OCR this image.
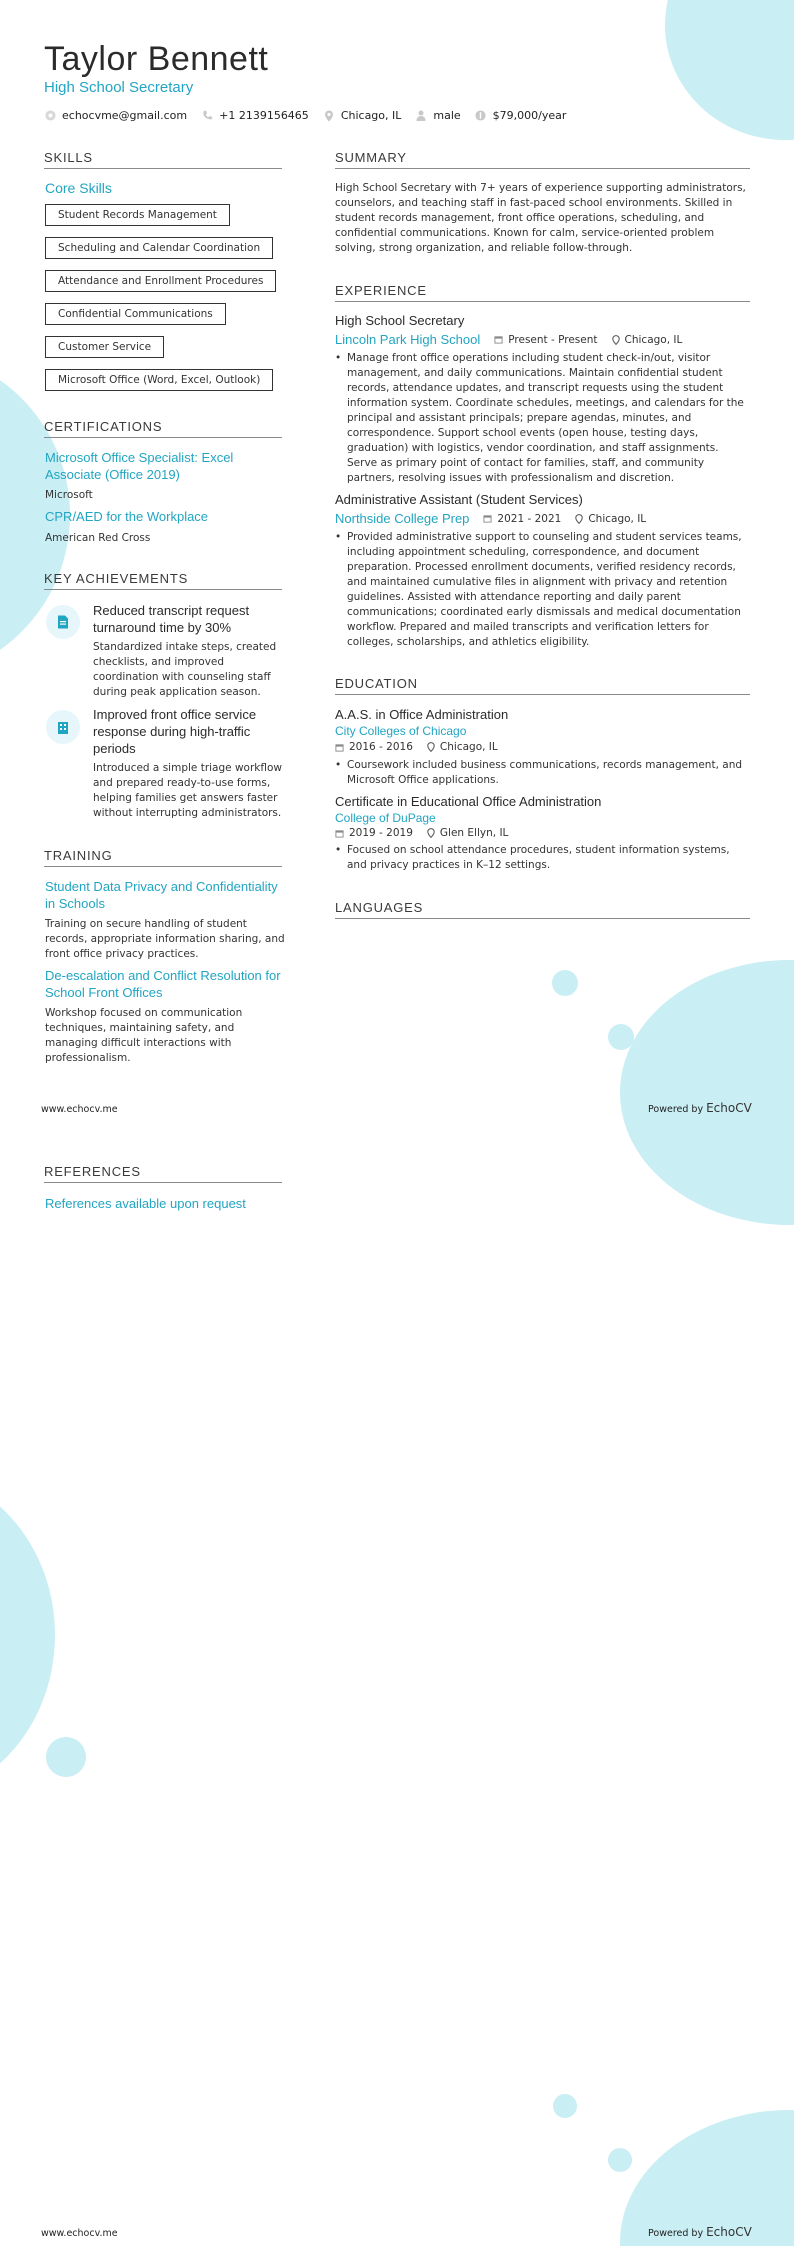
Taylor Bennett
High School Secretary
echocvme@gmail.com	+1 2139156465	Chicago, IL	male	$79,000/year
SKILLS
Core Skills
Student Records Management
Scheduling and Calendar Coordination
Attendance and Enrollment Procedures
Confidential Communications
Customer Service
Microsoft Office (Word, Excel, Outlook)
CERTIFICATIONS
Microsoft Office Specialist: Excel Associate (Office 2019)
Microsoft
CPR/AED for the Workplace
American Red Cross
KEY ACHIEVEMENTS
Reduced transcript request turnaround time by 30%
Standardized intake steps, created checklists, and improved coordination with counseling staff during peak application season.
Improved front office service response during high-traffic periods
Introduced a simple triage workflow and prepared ready-to-use forms, helping families get answers faster without interrupting administrators.
TRAINING
Student Data Privacy and Confidentiality in Schools
Training on secure handling of student records, appropriate information sharing, and front office privacy practices.
De-escalation and Conflict Resolution for School Front Offices
Workshop focused on communication techniques, maintaining safety, and managing difficult interactions with professionalism.
www.echocv.me
REFERENCES
References available upon request
SUMMARY
High School Secretary with 7+ years of experience supporting administrators, counselors, and teaching staff in fast-paced school environments. Skilled in student records management, front office operations, scheduling, and confidential communications. Known for calm, service-oriented problem solving, strong organization, and reliable follow-through.
EXPERIENCE
High School Secretary
Lincoln Park High School	Present - Present	Chicago, IL
• Manage front office operations including student check-in/out, visitor management, and daily communications. Maintain confidential student records, attendance updates, and transcript requests using the student information system. Coordinate schedules, meetings, and calendars for the principal and assistant principals; prepare agendas, minutes, and correspondence. Support school events (open house, testing days, graduation) with logistics, vendor coordination, and staff assignments. Serve as primary point of contact for families, staff, and community partners, resolving issues with professionalism and discretion.
Administrative Assistant (Student Services)
Northside College Prep	2021 - 2021	Chicago, IL
• Provided administrative support to counseling and student services teams, including appointment scheduling, correspondence, and document preparation. Processed enrollment documents, verified residency records, and maintained cumulative files in alignment with privacy and retention guidelines. Assisted with attendance reporting and daily parent communications; coordinated early dismissals and medical documentation workflow. Prepared and mailed transcripts and verification letters for colleges, scholarships, and athletics eligibility.
EDUCATION
A.A.S. in Office Administration
City Colleges of Chicago
2016 - 2016	Chicago, IL
• Coursework included business communications, records management, and Microsoft Office applications.
Certificate in Educational Office Administration
College of DuPage
2019 - 2019	Glen Ellyn, IL
• Focused on school attendance procedures, student information systems, and privacy practices in K–12 settings.
LANGUAGES
Powered by EchoCV
www.echocv.me	Powered by EchoCV
